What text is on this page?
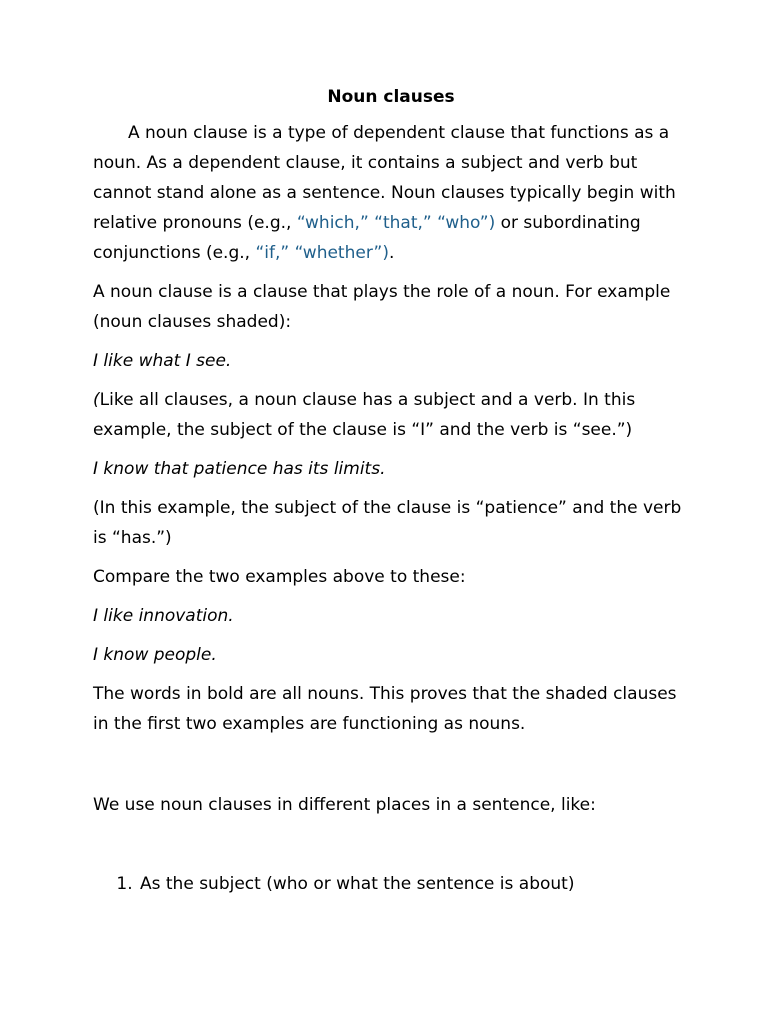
Noun clauses

A noun clause is a type of dependent clause that functions as a noun. As a dependent clause, it contains a subject and verb but cannot stand alone as a sentence. Noun clauses typically begin with relative pronouns (e.g., “which,” “that,” “who”) or subordinating conjunctions (e.g., “if,” “whether”).

A noun clause is a clause that plays the role of a noun. For example (noun clauses shaded):

I like what I see.

(Like all clauses, a noun clause has a subject and a verb. In this example, the subject of the clause is “I” and the verb is “see.”)

I know that patience has its limits.

(In this example, the subject of the clause is “patience” and the verb is “has.”)

Compare the two examples above to these:

I like innovation.

I know people.

The words in bold are all nouns. This proves that the shaded clauses in the first two examples are functioning as nouns.

We use noun clauses in different places in a sentence, like:

1. As the subject (who or what the sentence is about)
